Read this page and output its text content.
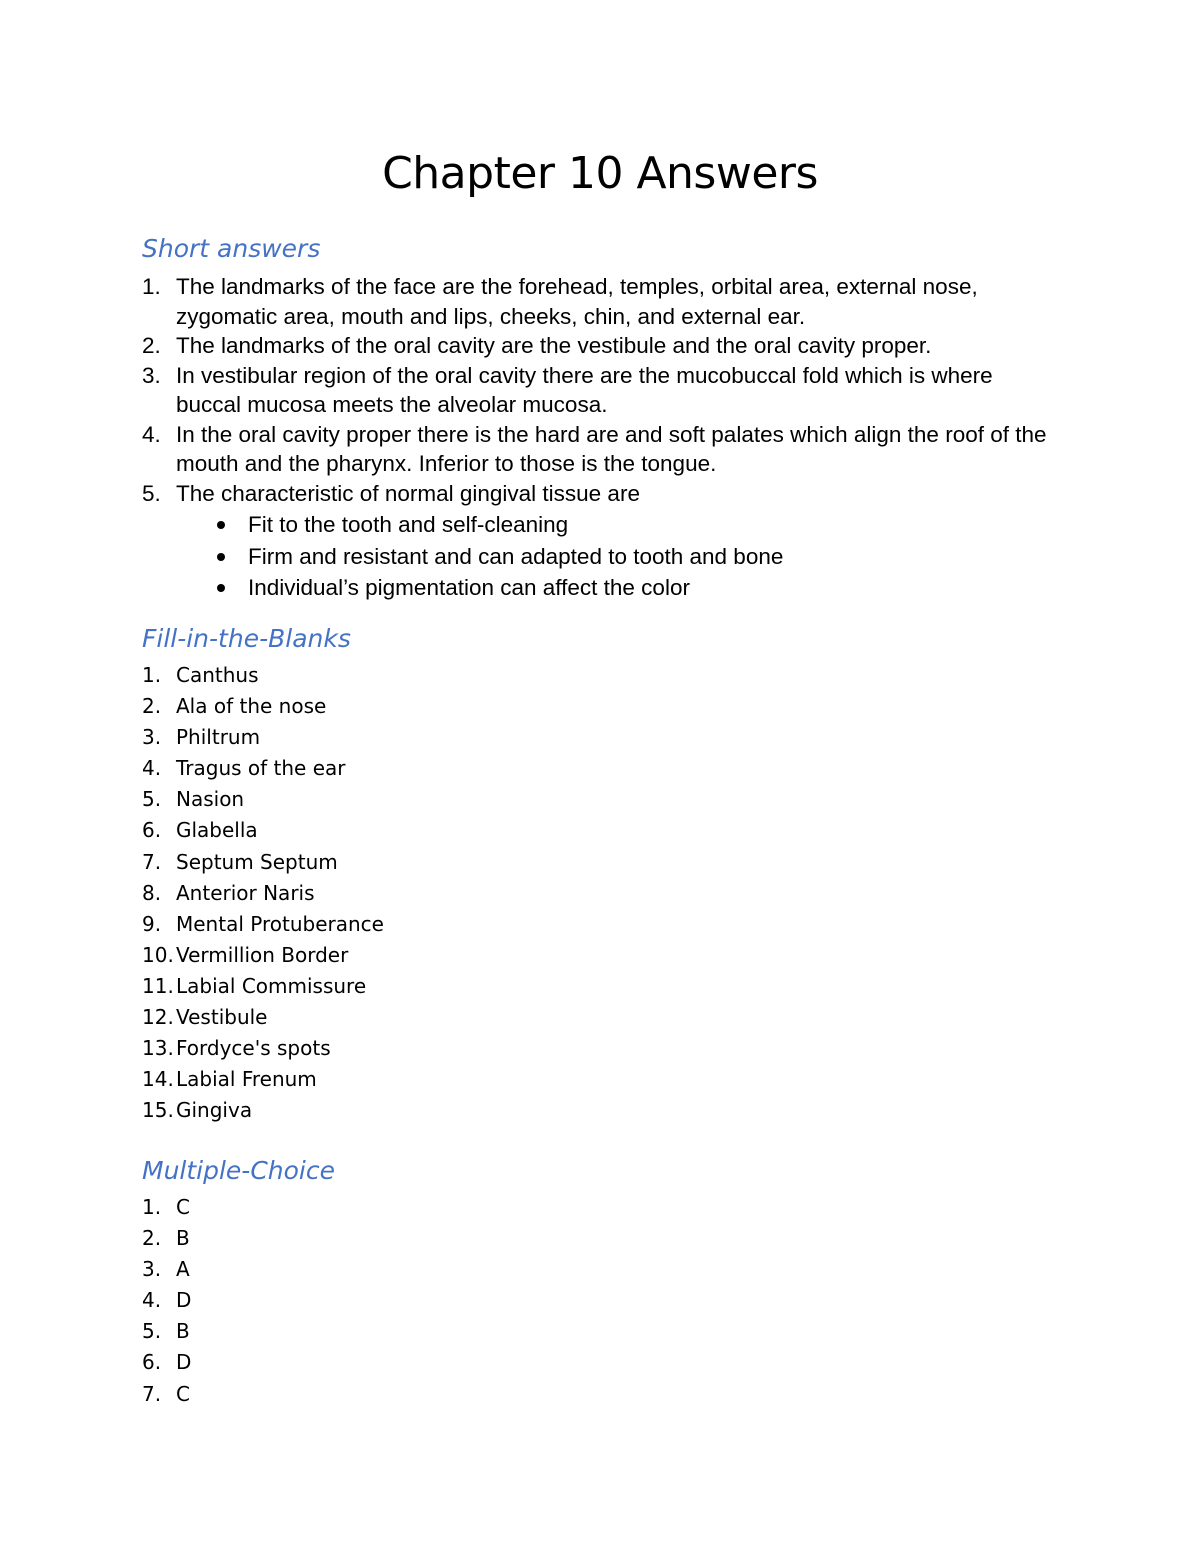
Chapter 10 Answers
Short answers
1. The landmarks of the face are the forehead, temples, orbital area, external nose, zygomatic area, mouth and lips, cheeks, chin, and external ear.
2. The landmarks of the oral cavity are the vestibule and the oral cavity proper.
3. In vestibular region of the oral cavity there are the mucobuccal fold which is where buccal mucosa meets the alveolar mucosa.
4. In the oral cavity proper there is the hard are and soft palates which align the roof of the mouth and the pharynx. Inferior to those is the tongue.
5. The characteristic of normal gingival tissue are
Fit to the tooth and self-cleaning
Firm and resistant and can adapted to tooth and bone
Individual’s pigmentation can affect the color
Fill-in-the-Blanks
1. Canthus
2. Ala of the nose
3. Philtrum
4. Tragus of the ear
5. Nasion
6. Glabella
7. Septum Septum
8. Anterior Naris
9. Mental Protuberance
10. Vermillion Border
11. Labial Commissure
12. Vestibule
13. Fordyce's spots
14. Labial Frenum
15. Gingiva
Multiple-Choice
1. C
2. B
3. A
4. D
5. B
6. D
7. C
